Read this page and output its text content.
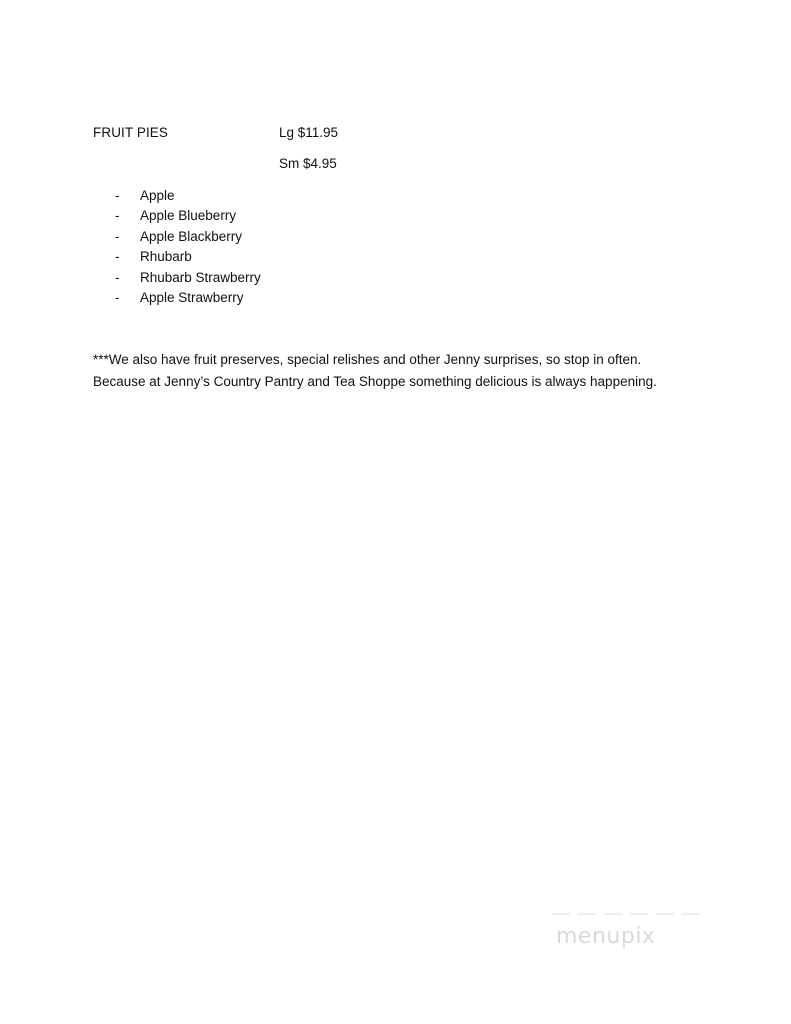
FRUIT PIES	Lg $11.95
Sm $4.95
-	Apple
-	Apple Blueberry
-	Apple Blackberry
-	Rhubarb
-	Rhubarb Strawberry
-	Apple Strawberry

***We also have fruit preserves, special relishes and other Jenny surprises, so stop in often.

Because at Jenny’s Country Pantry and Tea Shoppe something delicious is always happening.

menupix
